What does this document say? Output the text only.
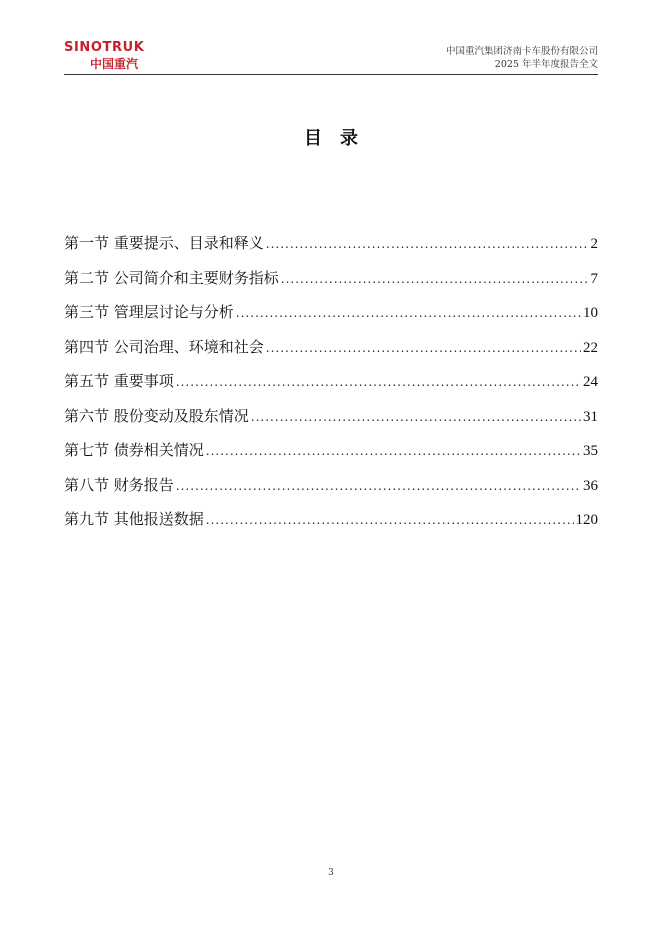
SINOTRUK
中国重汽
中国重汽集团济南卡车股份有限公司
2025 年半年度报告全文
目录
第一节 重要提示、目录和释义 .....	2
第二节 公司简介和主要财务指标 .....	7
第三节 管理层讨论与分析 .....	10
第四节 公司治理、环境和社会 .....	22
第五节 重要事项 .....	24
第六节 股份变动及股东情况 .....	31
第七节 债券相关情况 .....	35
第八节 财务报告 .....	36
第九节 其他报送数据 .....	120
3
